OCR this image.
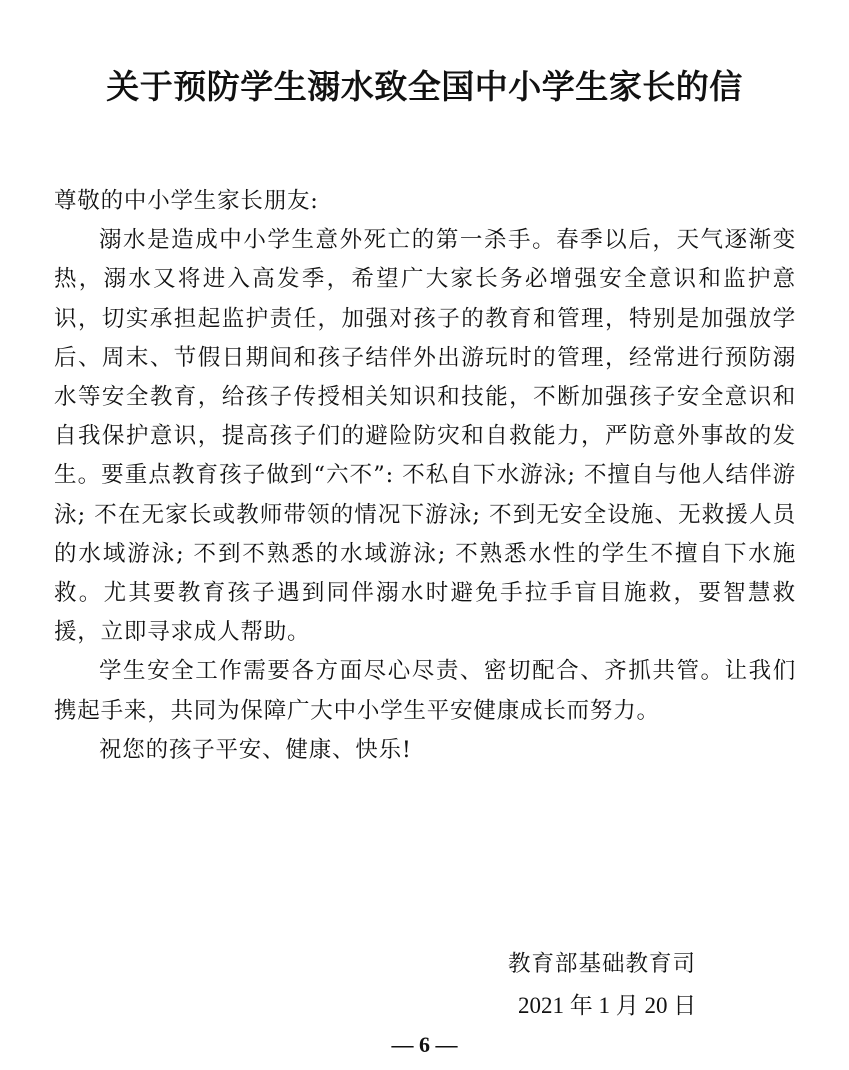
关于预防学生溺水致全国中小学生家长的信

尊敬的中小学生家长朋友:

溺水是造成中小学生意外死亡的第一杀手。春季以后，天气逐渐变热，溺水又将进入高发季，希望广大家长务必增强安全意识和监护意识，切实承担起监护责任，加强对孩子的教育和管理，特别是加强放学后、周末、节假日期间和孩子结伴外出游玩时的管理，经常进行预防溺水等安全教育，给孩子传授相关知识和技能，不断加强孩子安全意识和自我保护意识，提高孩子们的避险防灾和自救能力，严防意外事故的发生。要重点教育孩子做到“六不”: 不私自下水游泳; 不擅自与他人结伴游泳; 不在无家长或教师带领的情况下游泳; 不到无安全设施、无救援人员的水域游泳; 不到不熟悉的水域游泳; 不熟悉水性的学生不擅自下水施救。尤其要教育孩子遇到同伴溺水时避免手拉手盲目施救，要智慧救援，立即寻求成人帮助。

学生安全工作需要各方面尽心尽责、密切配合、齐抓共管。让我们携起手来，共同为保障广大中小学生平安健康成长而努力。

祝您的孩子平安、健康、快乐!

教育部基础教育司
2021 年 1 月 20 日
— 6 —
